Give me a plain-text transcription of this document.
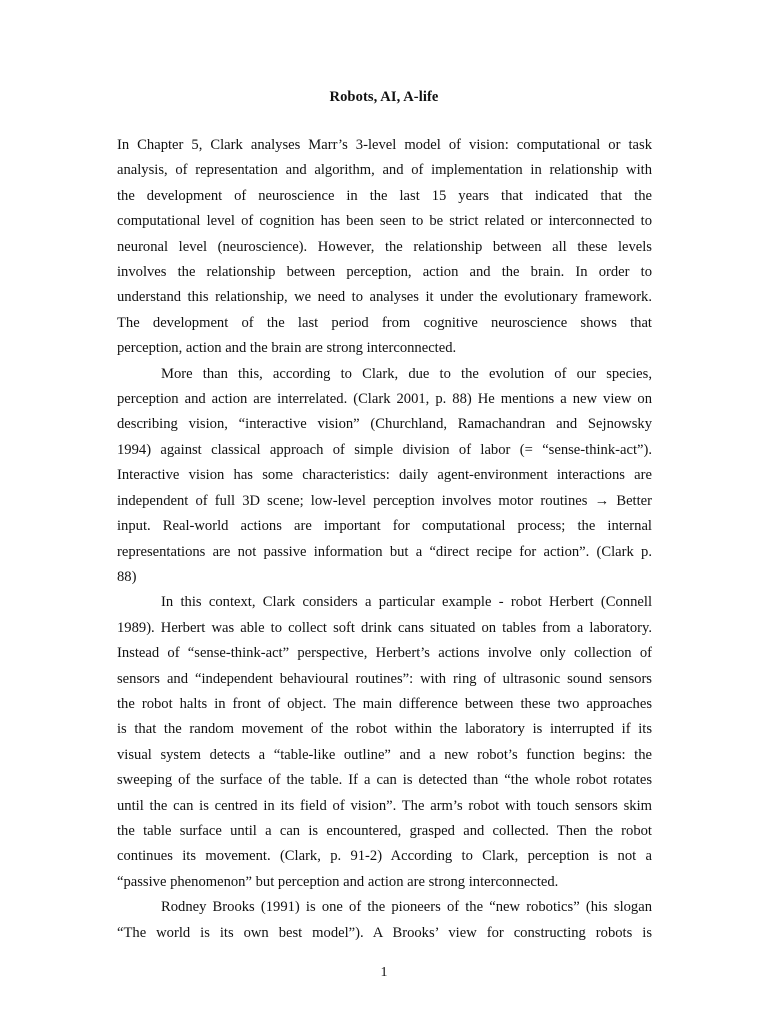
Robots, AI, A-life
In Chapter 5, Clark analyses Marr’s 3-level model of vision: computational or task
analysis, of representation and algorithm, and of implementation in relationship with
the development of neuroscience in the last 15 years that indicated that the
computational level of cognition has been seen to be strict related or interconnected to
neuronal level (neuroscience). However, the relationship between all these levels
involves the relationship between perception, action and the brain. In order to
understand this relationship, we need to analyses it under the evolutionary framework.
The development of the last period from cognitive neuroscience shows that
perception, action and the brain are strong interconnected.
More than this, according to Clark, due to the evolution of our species,
perception and action are interrelated. (Clark 2001, p. 88) He mentions a new view on
describing vision, “interactive vision” (Churchland, Ramachandran and Sejnowsky
1994) against classical approach of simple division of labor (= “sense-think-act”).
Interactive vision has some characteristics: daily agent-environment interactions are
independent of full 3D scene; low-level perception involves motor routines → Better
input. Real-world actions are important for computational process; the internal
representations are not passive information but a “direct recipe for action”. (Clark p.
88)
In this context, Clark considers a particular example - robot Herbert (Connell
1989). Herbert was able to collect soft drink cans situated on tables from a laboratory.
Instead of “sense-think-act” perspective, Herbert’s actions involve only collection of
sensors and “independent behavioural routines”: with ring of ultrasonic sound sensors
the robot halts in front of object. The main difference between these two approaches
is that the random movement of the robot within the laboratory is interrupted if its
visual system detects a “table-like outline” and a new robot’s function begins: the
sweeping of the surface of the table. If a can is detected than “the whole robot rotates
until the can is centred in its field of vision”. The arm’s robot with touch sensors skim
the table surface until a can is encountered, grasped and collected. Then the robot
continues its movement. (Clark, p. 91-2) According to Clark, perception is not a
“passive phenomenon” but perception and action are strong interconnected.
Rodney Brooks (1991) is one of the pioneers of the “new robotics” (his slogan
“The world is its own best model”). A Brooks’ view for constructing robots is
1
